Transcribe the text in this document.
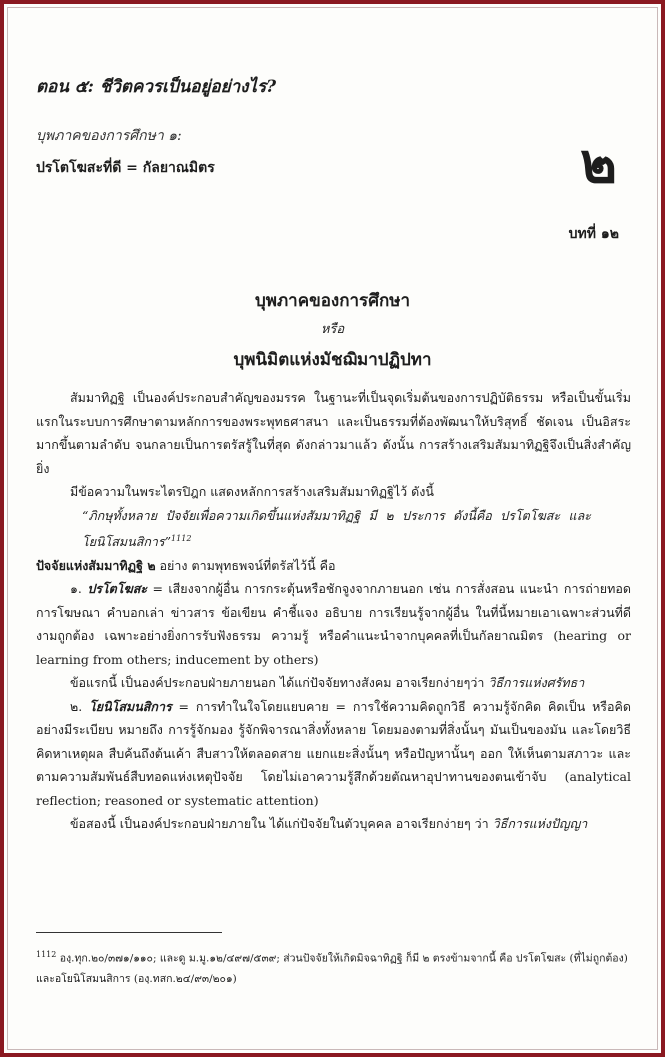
ตอน ๕: ชีวิตควรเป็นอยู่อย่างไร?
บุพภาคของการศึกษา ๑:
ปรโตโฆสะที่ดี = กัลยาณมิตร	๒
บทที่ ๑๒
บุพภาคของการศึกษา
หรือ
บุพนิมิตแห่งมัชฌิมาปฏิปทา

สัมมาทิฏฐิ เป็นองค์ประกอบสำคัญของมรรค ในฐานะที่เป็นจุดเริ่มต้นของการปฏิบัติธรรม หรือเป็นขั้นเริ่มแรกในระบบการศึกษาตามหลักการของพระพุทธศาสนา และเป็นธรรมที่ต้องพัฒนาให้บริสุทธิ์ ชัดเจน เป็นอิสระมากขึ้นตามลำดับ จนกลายเป็นการตรัสรู้ในที่สุด ดังกล่าวมาแล้ว ดังนั้น การสร้างเสริมสัมมาทิฏฐิจึงเป็นสิ่งสำคัญยิ่ง

มีข้อความในพระไตรปิฎก แสดงหลักการสร้างเสริมสัมมาทิฏฐิไว้ ดังนี้

“ภิกษุทั้งหลาย ปัจจัยเพื่อความเกิดขึ้นแห่งสัมมาทิฏฐิ มี ๒ ประการ ดังนี้คือ ปรโตโฆสะ และโยนิโสมนสิการ”$^{1112}$

ปัจจัยแห่งสัมมาทิฏฐิ ๒ อย่าง ตามพุทธพจน์ที่ตรัสไว้นี้ คือ

๑. ปรโตโฆสะ = เสียงจากผู้อื่น การกระตุ้นหรือชักจูงจากภายนอก เช่น การสั่งสอน แนะนำ การถ่ายทอด การโฆษณา คำบอกเล่า ข่าวสาร ข้อเขียน คำชี้แจง อธิบาย การเรียนรู้จากผู้อื่น ในที่นี้หมายเอาเฉพาะส่วนที่ดีงามถูกต้อง เฉพาะอย่างยิ่งการรับฟังธรรม ความรู้ หรือคำแนะนำจากบุคคลที่เป็นกัลยาณมิตร (hearing or learning from others; inducement by others)

ข้อแรกนี้ เป็นองค์ประกอบฝ่ายภายนอก ได้แก่ปัจจัยทางสังคม อาจเรียกง่ายๆว่า วิธีการแห่งศรัทธา

๒. โยนิโสมนสิการ = การทำในใจโดยแยบคาย = การใช้ความคิดถูกวิธี ความรู้จักคิด คิดเป็น หรือคิดอย่างมีระเบียบ หมายถึง การรู้จักมอง รู้จักพิจารณาสิ่งทั้งหลาย โดยมองตามที่สิ่งนั้นๆ มันเป็นของมัน และโดยวิธีคิดหาเหตุผล สืบค้นถึงต้นเค้า สืบสาวให้ตลอดสาย แยกแยะสิ่งนั้นๆ หรือปัญหานั้นๆ ออก ให้เห็นตามสภาวะ และตามความสัมพันธ์สืบทอดแห่งเหตุปัจจัย โดยไม่เอาความรู้สึกด้วยตัณหาอุปาทานของตนเข้าจับ (analytical reflection; reasoned or systematic attention)

ข้อสองนี้ เป็นองค์ประกอบฝ่ายภายใน ได้แก่ปัจจัยในตัวบุคคล อาจเรียกง่ายๆ ว่า วิธีการแห่งปัญญา

$^{1112}$ องฺ.ทุก.๒๐/๓๗๑/๑๑๐; และดู ม.มู.๑๒/๔๙๗/๕๓๙; ส่วนปัจจัยให้เกิดมิจฉาทิฏฐิ ก็มี ๒ ตรงข้ามจากนี้ คือ ปรโตโฆสะ (ที่ไม่ถูกต้อง) และอโยนิโสมนสิการ (องฺ.ทสก.๒๔/๙๓/๒๐๑)
